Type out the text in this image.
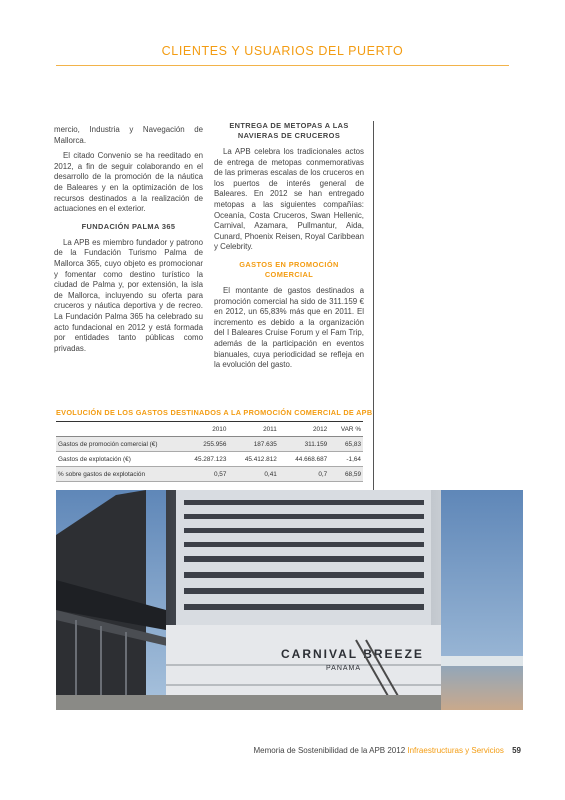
CLIENTES Y USUARIOS DEL PUERTO

mercio, Industria y Navegación de Mallorca.

El citado Convenio se ha reeditado en 2012, a fin de seguir colaborando en el desarrollo de la promoción de la náutica de Baleares y en la optimización de los recursos destinados a la realización de actuaciones en el exterior.

FUNDACIÓN PALMA 365

La APB es miembro fundador y patrono de la Fundación Turismo Palma de Mallorca 365, cuyo objeto es promocionar y fomentar como destino turístico la ciudad de Palma y, por extensión, la isla de Mallorca, incluyendo su oferta para cruceros y náutica deportiva y de recreo. La Fundación Palma 365 ha celebrado su acto fundacional en 2012 y está formada por entidades tanto públicas como privadas.

ENTREGA DE METOPAS A LAS NAVIERAS DE CRUCEROS

La APB celebra los tradicionales actos de entrega de metopas conmemorativas de las primeras escalas de los cruceros en los puertos de interés general de Baleares. En 2012 se han entregado metopas a las siguientes compañías: Oceanía, Costa Cruceros, Swan Hellenic, Carnival, Azamara, Pullmantur, Aida, Cunard, Phoenix Reisen, Royal Caribbean y Celebrity.

GASTOS EN PROMOCIÓN COMERCIAL

El montante de gastos destinados a promoción comercial ha sido de 311.159 € en 2012, un 65,83% más que en 2011. El incremento es debido a la organización del I Baleares Cruise Forum y el Fam Trip, además de la participación en eventos bianuales, cuya periodicidad se refleja en la evolución del gasto.

EVOLUCIÓN DE LOS GASTOS DESTINADOS A LA PROMOCIÓN COMERCIAL DE APB
	2010	2011	2012	VAR %
Gastos de promoción comercial (€)	255.956	187.635	311.159	65,83
Gastos de explotación (€)	45.287.123	45.412.812	44.668.687	-1,64
% sobre gastos de explotación	0,57	0,41	0,7	68,59
CARNIVAL BREEZE
PANAMA
Memoria de Sostenibilidad de la APB 2012 Infraestructuras y Servicios 59
